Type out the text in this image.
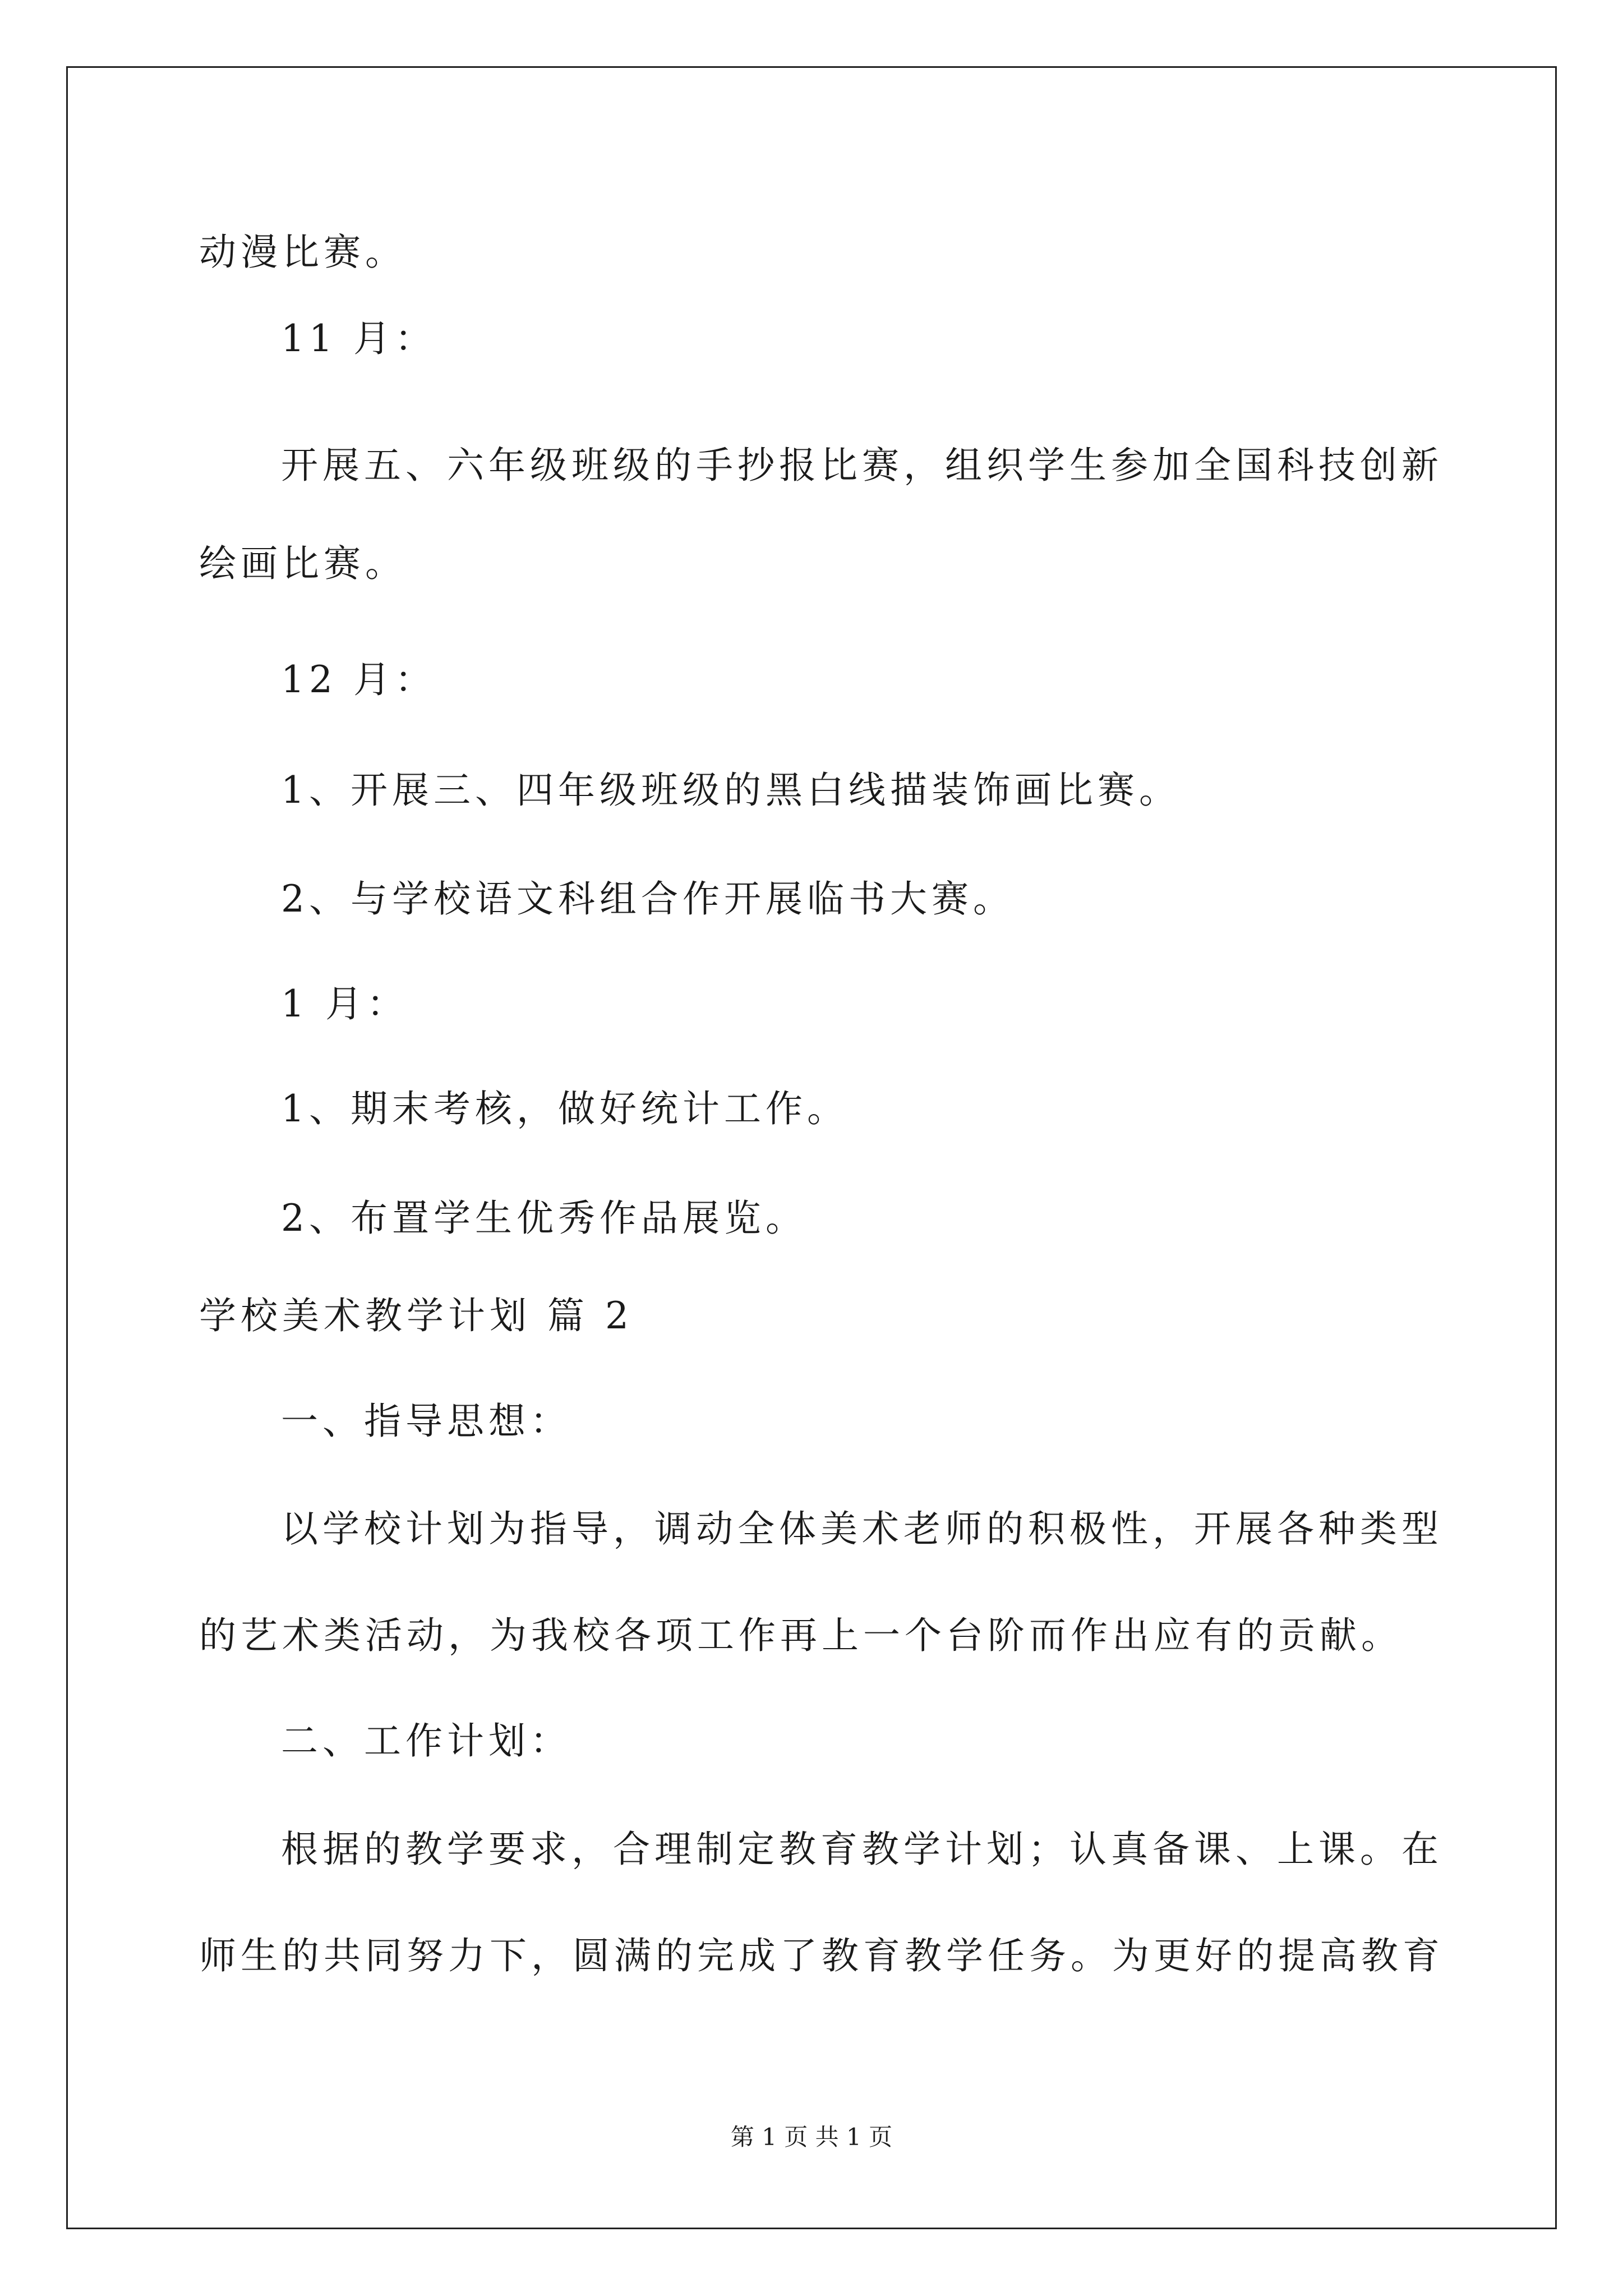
动漫比赛。
11 月：
开展五、六年级班级的手抄报比赛，组织学生参加全国科技创新
绘画比赛。
12 月：
1、开展三、四年级班级的黑白线描装饰画比赛。
2、与学校语文科组合作开展临书大赛。
1 月：
1、期末考核，做好统计工作。
2、布置学生优秀作品展览。
学校美术教学计划 篇 2
一、指导思想：
以学校计划为指导，调动全体美术老师的积极性，开展各种类型
的艺术类活动，为我校各项工作再上一个台阶而作出应有的贡献。
二、工作计划：
根据的教学要求，合理制定教育教学计划；认真备课、上课。在
师生的共同努力下，圆满的完成了教育教学任务。为更好的提高教育
第 1 页 共 1 页
